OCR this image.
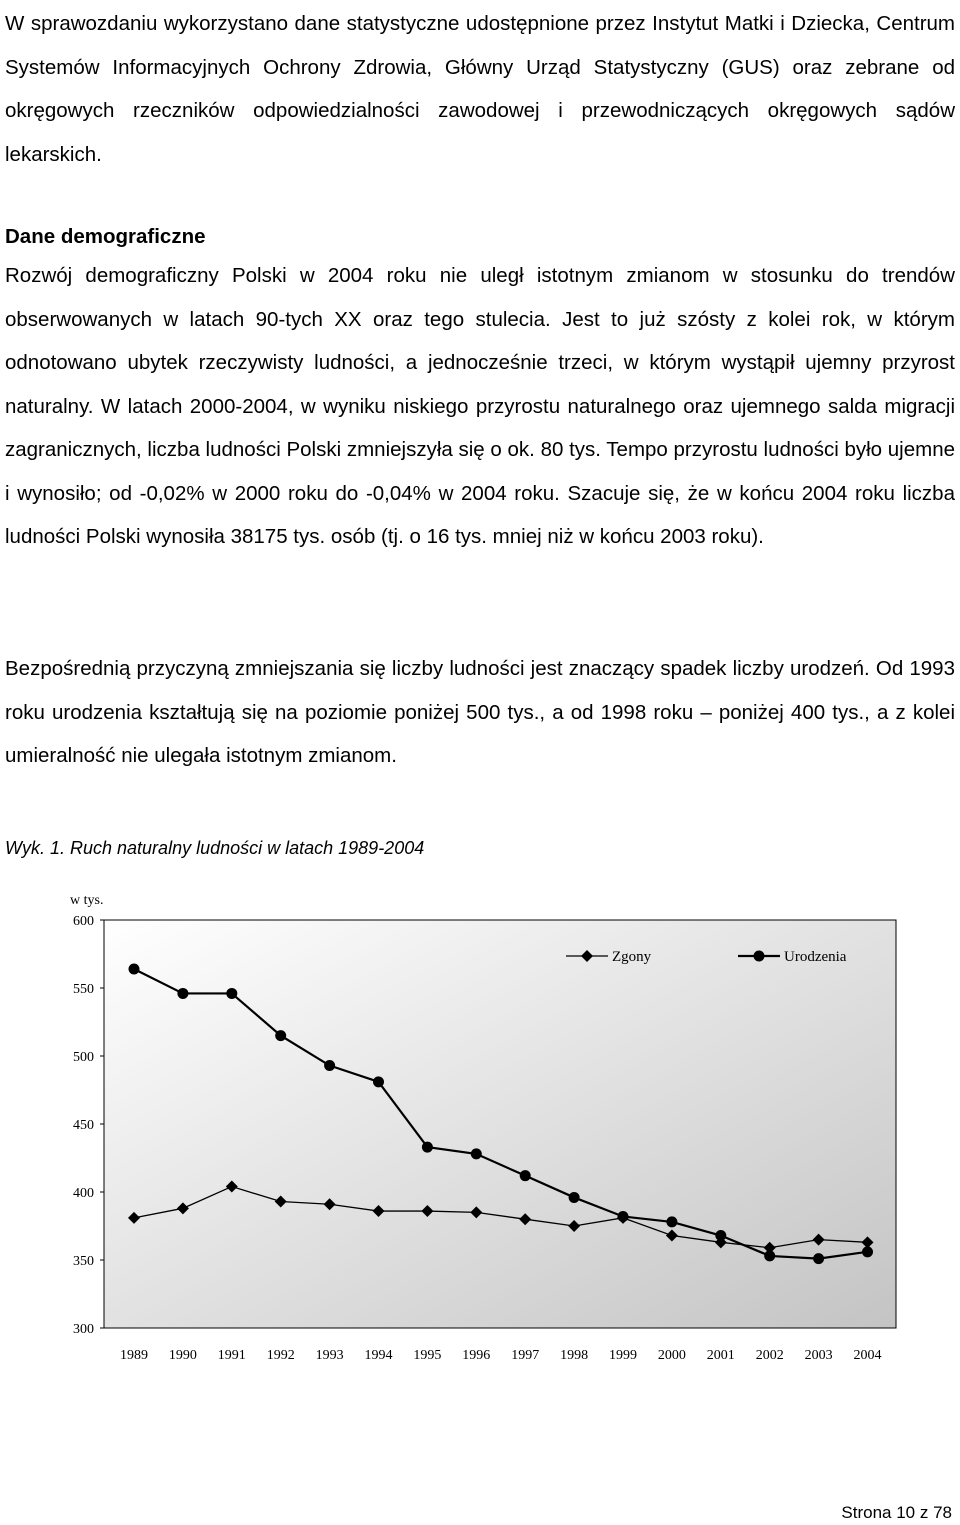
W sprawozdaniu wykorzystano dane statystyczne udostępnione przez Instytut Matki i Dziecka, Centrum Systemów Informacyjnych Ochrony Zdrowia, Główny Urząd Statystyczny (GUS) oraz zebrane od okręgowych rzeczników odpowiedzialności zawodowej i przewodniczących okręgowych sądów lekarskich.

Dane demograficzne

Rozwój demograficzny Polski w 2004 roku nie uległ istotnym zmianom w stosunku do trendów obserwowanych w latach 90-tych XX oraz tego stulecia. Jest to już szósty z kolei rok, w którym odnotowano ubytek rzeczywisty ludności, a jednocześnie trzeci, w którym wystąpił ujemny przyrost naturalny. W latach 2000-2004, w wyniku niskiego przyrostu naturalnego oraz ujemnego salda migracji zagranicznych, liczba ludności Polski zmniejszyła się o ok. 80 tys. Tempo przyrostu ludności było ujemne i wynosiło; od -0,02% w 2000 roku do -0,04% w 2004 roku. Szacuje się, że w końcu 2004 roku liczba ludności Polski wynosiła 38175 tys. osób (tj. o 16 tys. mniej niż w końcu 2003 roku).

Bezpośrednią przyczyną zmniejszania się liczby ludności jest znaczący spadek liczby urodzeń. Od 1993 roku urodzenia kształtują się na poziomie poniżej 500 tys., a od 1998 roku – poniżej 400 tys., a z kolei umieralność nie ulegała istotnym zmianom.

Wyk. 1. Ruch naturalny ludności w latach 1989-2004

w tys.
600
550
500
450
400
350
300
1989 1990 1991 1992 1993 1994 1995 1996 1997 1998 1999 2000 2001 2002 2003 2004
Zgony	Urodzenia

Strona 10 z 78
